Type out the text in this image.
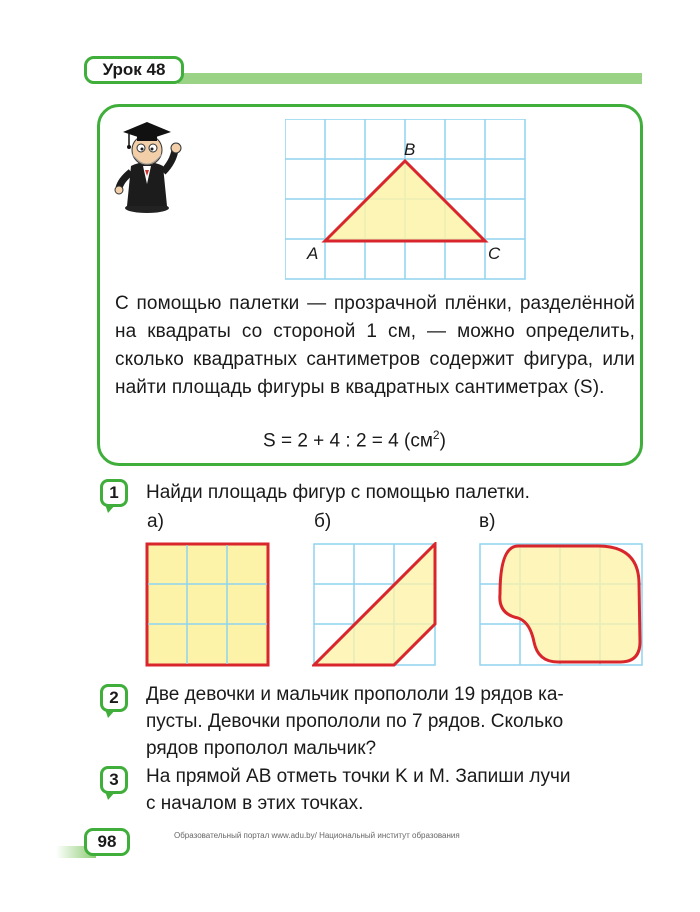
Урок 48
B
A	C
С помощью палетки — прозрачной плёнки, разделённой на квадраты со стороной 1 см, — можно определить, сколько квадратных сантиметров содержит фигура, или найти площадь фигуры в квадратных сантиметрах (S).
S = 2 + 4 : 2 = 4 $(см^2)$
1	Найди площадь фигур с помощью палетки.
а)	б)	в)
2	Две девочки и мальчик пропололи 19 рядов ка-
пусты. Девочки пропололи по 7 рядов. Сколько
рядов прополол мальчик?
3	На прямой AB отметь точки K и M. Запиши лучи
с началом в этих точках.
98	Образовательный портал www.adu.by/ Национальный институт образования
